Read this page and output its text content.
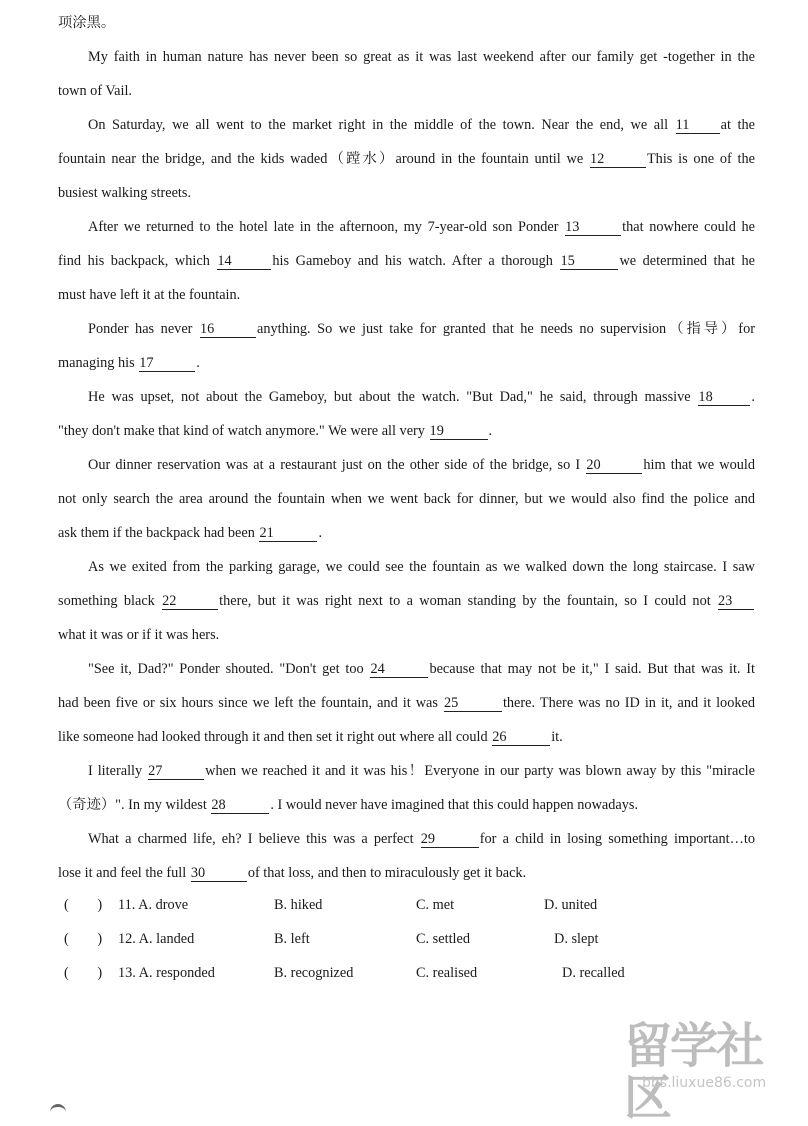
项涂黑。
My faith in human nature has never been so great as it was last weekend after our family get -together in the
town of Vail.
On Saturday, we all went to the market right in the middle of the town. Near the end, we all 11 at the
fountain near the bridge, and the kids waded（蹚水）around in the fountain until we 12	This is one of the
busiest walking streets.
After we returned to the hotel late in the afternoon, my 7-year-old son Ponder 13	that nowhere could he
find his backpack, which 14	his Gameboy and his watch. After a thorough 15	we determined that he
must have left it at the fountain.
Ponder has never 16	anything. So we just take for granted that he needs no supervision（指导）for
managing his 17	.
He was upset, not about the Gameboy, but about the watch. "But Dad," he said, through massive 18	.
"they don't make that kind of watch anymore." We were all very 19	.
Our dinner reservation was at a restaurant just on the other side of the bridge, so I 20	him that we would
not only search the area around the fountain when we went back for dinner, but we would also find the police and
ask them if the backpack had been 21	.
As we exited from the parking garage, we could see the fountain as we walked down the long staircase. I saw
something black 22	there, but it was right next to a woman standing by the fountain, so I could not 23
what it was or if it was hers.
"See it, Dad?" Ponder shouted. "Don't get too 24	because that may not be it," I said. But that was it. It
had been five or six hours since we left the fountain, and it was 25	there. There was no ID in it, and it looked
like someone had looked through it and then set it right out where all could 26	it.
I literally 27	when we reached it and it was his！Everyone in our party was blown away by this "miracle
（奇迹）". In my wildest 28	. I would never have imagined that this could happen nowadays.
What a charmed life, eh? I believe this was a perfect 29	for a child in losing something important…to
lose it and feel the full 30	of that loss, and then to miraculously get it back.
(　　) 11. A. drove	B. hiked	C. met	D. united
(　　) 12. A. landed	B. left	C. settled	D. slept
(　　) 13. A. responded	B. recognized	C. realised	D. recalled
留学社区
bbs.liuxue86.com
